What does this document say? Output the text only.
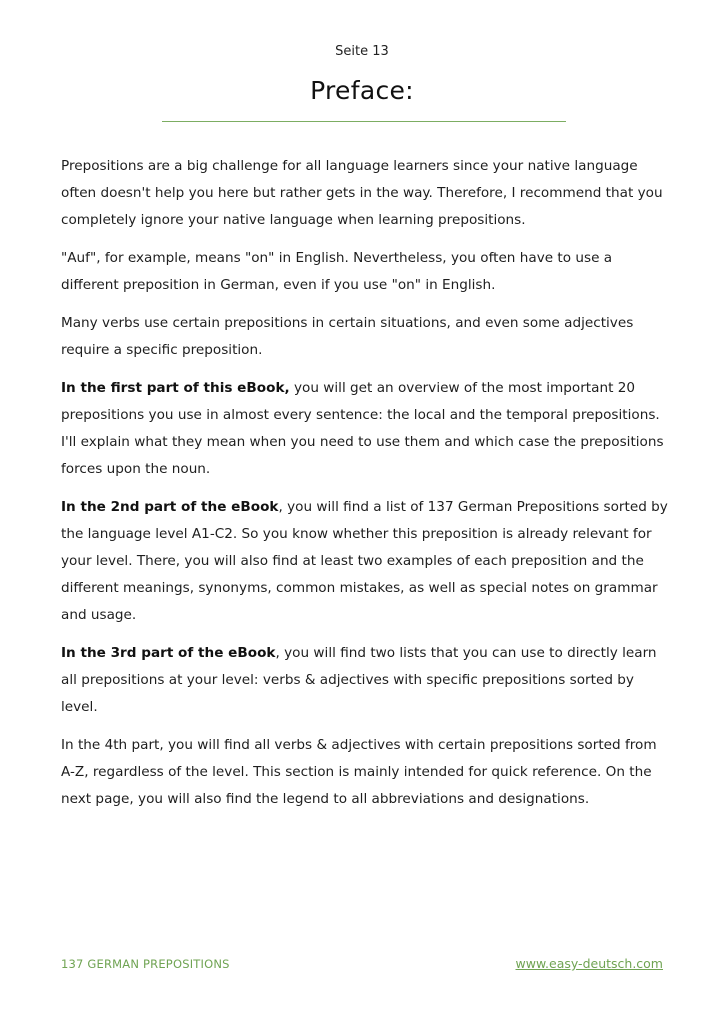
Seite 13
Preface:

Prepositions are a big challenge for all language learners since your native language often doesn't help you here but rather gets in the way. Therefore, I recommend that you completely ignore your native language when learning prepositions.

"Auf", for example, means "on" in English. Nevertheless, you often have to use a different preposition in German, even if you use "on" in English.

Many verbs use certain prepositions in certain situations, and even some adjectives require a specific preposition.

In the first part of this eBook, you will get an overview of the most important 20 prepositions you use in almost every sentence: the local and the temporal prepositions. I'll explain what they mean when you need to use them and which case the prepositions forces upon the noun.

In the 2nd part of the eBook, you will find a list of 137 German Prepositions sorted by the language level A1-C2. So you know whether this preposition is already relevant for your level. There, you will also find at least two examples of each preposition and the different meanings, synonyms, common mistakes, as well as special notes on grammar and usage.

In the 3rd part of the eBook, you will find two lists that you can use to directly learn all prepositions at your level: verbs & adjectives with specific prepositions sorted by level.

In the 4th part, you will find all verbs & adjectives with certain prepositions sorted from A-Z, regardless of the level. This section is mainly intended for quick reference. On the next page, you will also find the legend to all abbreviations and designations.

137 GERMAN PREPOSITIONS	www.easy-deutsch.com
